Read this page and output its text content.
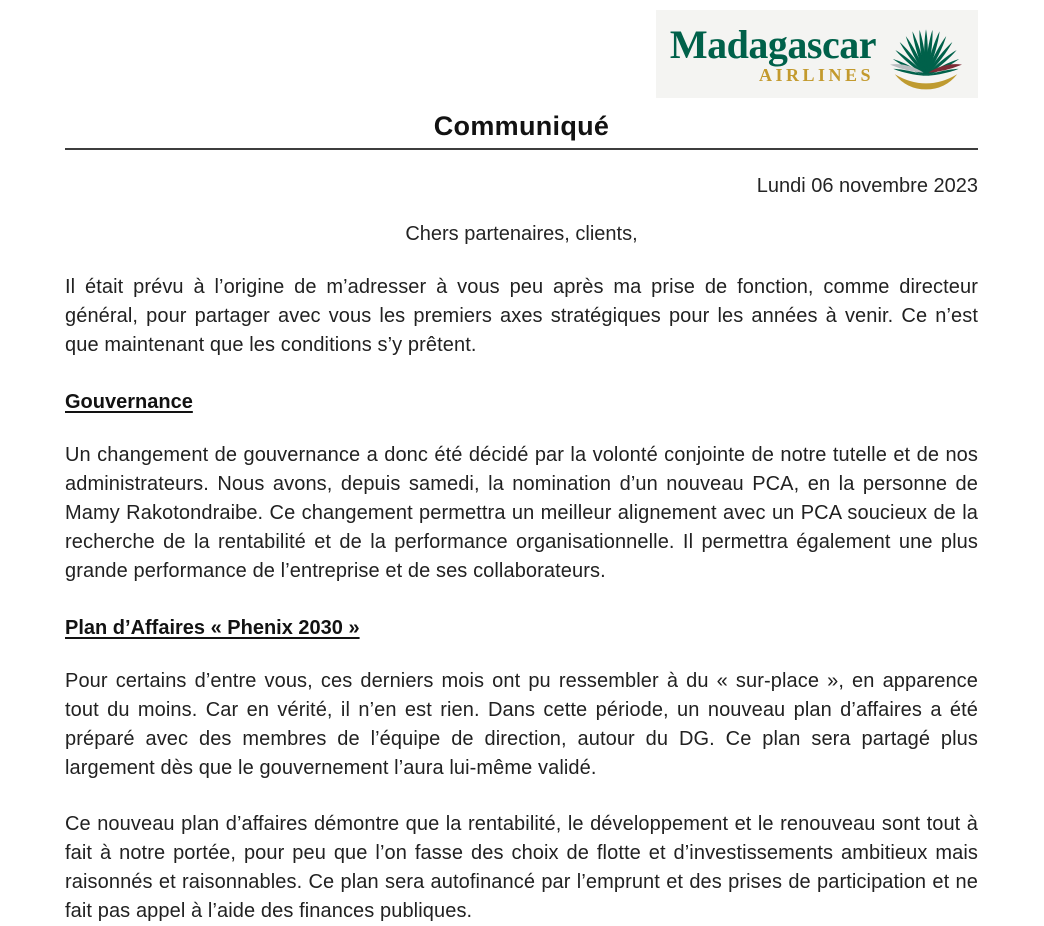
Madagascar
AIRLINES
Communiqué
Lundi 06 novembre 2023
Chers partenaires, clients,

Il était prévu à l’origine de m’adresser à vous peu après ma prise de fonction, comme directeur général, pour partager avec vous les premiers axes stratégiques pour les années à venir. Ce n’est que maintenant que les conditions s’y prêtent.

Gouvernance

Un changement de gouvernance a donc été décidé par la volonté conjointe de notre tutelle et de nos administrateurs. Nous avons, depuis samedi, la nomination d’un nouveau PCA, en la personne de Mamy Rakotondraibe. Ce changement permettra un meilleur alignement avec un PCA soucieux de la recherche de la rentabilité et de la performance organisationnelle. Il permettra également une plus grande performance de l’entreprise et de ses collaborateurs.

Plan d’Affaires « Phenix 2030 »

Pour certains d’entre vous, ces derniers mois ont pu ressembler à du « sur-place », en apparence tout du moins. Car en vérité, il n’en est rien. Dans cette période, un nouveau plan d’affaires a été préparé avec des membres de l’équipe de direction, autour du DG. Ce plan sera partagé plus largement dès que le gouvernement l’aura lui-même validé.

Ce nouveau plan d’affaires démontre que la rentabilité, le développement et le renouveau sont tout à fait à notre portée, pour peu que l’on fasse des choix de flotte et d’investissements ambitieux mais raisonnés et raisonnables. Ce plan sera autofinancé par l’emprunt et des prises de participation et ne fait pas appel à l’aide des finances publiques.
